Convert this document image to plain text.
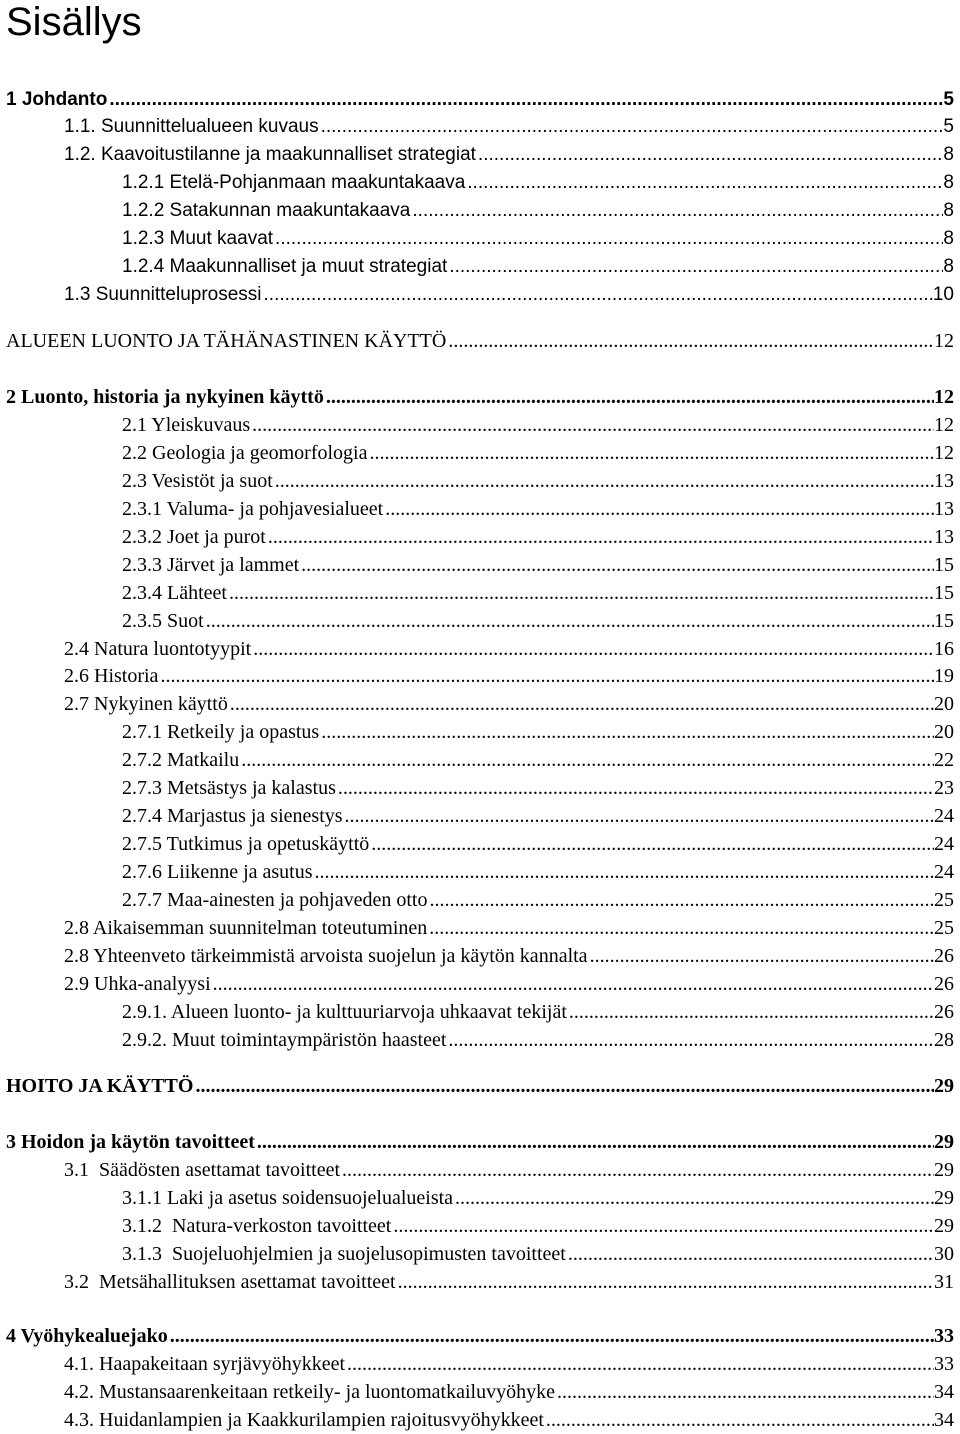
Sisällys
1 Johdanto .....	5
1.1. Suunnittelualueen kuvaus .....	5
1.2. Kaavoitustilanne ja maakunnalliset strategiat .....	8
1.2.1 Etelä-Pohjanmaan maakuntakaava .....	8
1.2.2 Satakunnan maakuntakaava .....	8
1.2.3 Muut kaavat .....	8
1.2.4 Maakunnalliset ja muut strategiat .....	8
1.3 Suunnitteluprosessi .....	10
ALUEEN LUONTO JA TÄHÄNASTINEN KÄYTTÖ .....	12
2 Luonto, historia ja nykyinen käyttö .....	12
2.1 Yleiskuvaus .....	12
2.2 Geologia ja geomorfologia .....	12
2.3 Vesistöt ja suot .....	13
2.3.1 Valuma- ja pohjavesialueet .....	13
2.3.2 Joet ja purot .....	13
2.3.3 Järvet ja lammet .....	15
2.3.4 Lähteet .....	15
2.3.5 Suot .....	15
2.4 Natura luontotyypit .....	16
2.6 Historia .....	19
2.7 Nykyinen käyttö .....	20
2.7.1 Retkeily ja opastus .....	20
2.7.2 Matkailu .....	22
2.7.3 Metsästys ja kalastus .....	23
2.7.4 Marjastus ja sienestys .....	24
2.7.5 Tutkimus ja opetuskäyttö .....	24
2.7.6 Liikenne ja asutus .....	24
2.7.7 Maa-ainesten ja pohjaveden otto .....	25
2.8 Aikaisemman suunnitelman toteutuminen .....	25
2.8 Yhteenveto tärkeimmistä arvoista suojelun ja käytön kannalta .....	26
2.9 Uhka-analyysi .....	26
2.9.1. Alueen luonto- ja kulttuuriarvoja uhkaavat tekijät .....	26
2.9.2. Muut toimintaympäristön haasteet .....	28
HOITO JA KÄYTTÖ .....	29
3 Hoidon ja käytön tavoitteet .....	29
3.1  Säädösten asettamat tavoitteet .....	29
3.1.1 Laki ja asetus soidensuojelualueista .....	29
3.1.2  Natura-verkoston tavoitteet .....	29
3.1.3  Suojeluohjelmien ja suojelusopimusten tavoitteet .....	30
3.2  Metsähallituksen asettamat tavoitteet .....	31
4 Vyöhykealuejako .....	33
4.1. Haapakeitaan syrjävyöhykkeet .....	33
4.2. Mustansaarenkeitaan retkeily- ja luontomatkailuvyöhyke .....	34
4.3. Huidanlampien ja Kaakkurilampien rajoitusvyöhykkeet .....	34
